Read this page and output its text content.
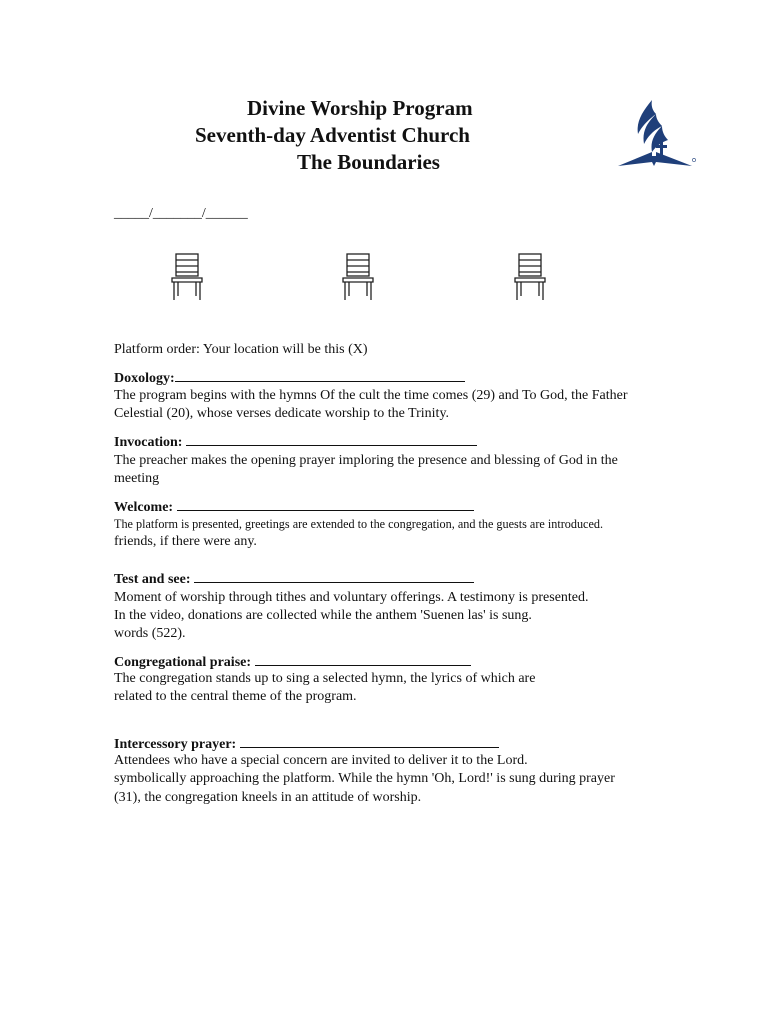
Divine Worship Program
Seventh-day Adventist Church
The Boundaries
_____/_______/______
Platform order: Your location will be this (X)
Doxology:
The program begins with the hymns Of the cult the time comes (29) and To God, the Father
Celestial (20), whose verses dedicate worship to the Trinity.
Invocation:
The preacher makes the opening prayer imploring the presence and blessing of God in the
meeting
Welcome:
The platform is presented, greetings are extended to the congregation, and the guests are introduced.
friends, if there were any.
Test and see:
Moment of worship through tithes and voluntary offerings. A testimony is presented.
In the video, donations are collected while the anthem 'Suenen las' is sung.
words (522).
Congregational praise:
The congregation stands up to sing a selected hymn, the lyrics of which are
related to the central theme of the program.
Intercessory prayer:
Attendees who have a special concern are invited to deliver it to the Lord.
symbolically approaching the platform. While the hymn 'Oh, Lord!' is sung during prayer
(31), the congregation kneels in an attitude of worship.
